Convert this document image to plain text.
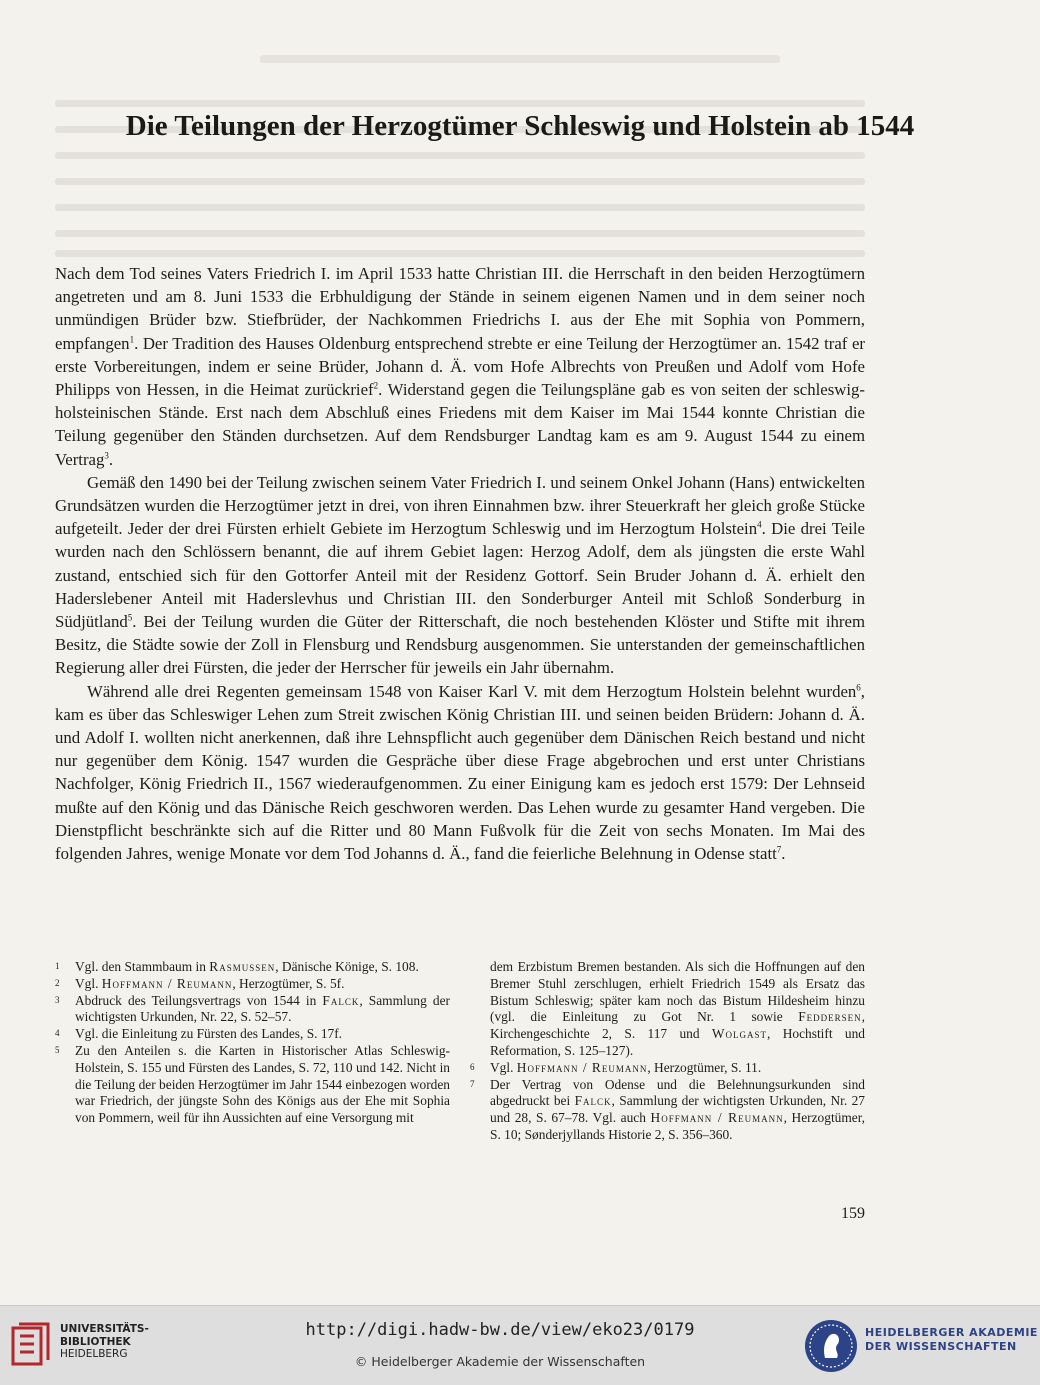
Die Teilungen der Herzogtümer Schleswig und Holstein ab 1544

Nach dem Tod seines Vaters Friedrich I. im April 1533 hatte Christian III. die Herrschaft in den beiden Herzogtümern angetreten und am 8. Juni 1533 die Erbhuldigung der Stände in seinem eigenen Namen und in dem seiner noch unmündigen Brüder bzw. Stiefbrüder, der Nachkommen Friedrichs I. aus der Ehe mit Sophia von Pommern, empfangen$^1$. Der Tradition des Hauses Oldenburg entsprechend strebte er eine Teilung der Herzogtümer an. 1542 traf er erste Vorbereitungen, indem er seine Brüder, Johann d. Ä. vom Hofe Albrechts von Preußen und Adolf vom Hofe Philipps von Hessen, in die Heimat zurückrief$^2$. Widerstand gegen die Teilungspläne gab es von seiten der schleswig-holsteinischen Stände. Erst nach dem Abschluß eines Friedens mit dem Kaiser im Mai 1544 konnte Christian die Teilung gegenüber den Ständen durchsetzen. Auf dem Rendsburger Landtag kam es am 9. August 1544 zu einem Vertrag$^3$.

Gemäß den 1490 bei der Teilung zwischen seinem Vater Friedrich I. und seinem Onkel Johann (Hans) entwickelten Grundsätzen wurden die Herzogtümer jetzt in drei, von ihren Einnahmen bzw. ihrer Steuerkraft her gleich große Stücke aufgeteilt. Jeder der drei Fürsten erhielt Gebiete im Herzogtum Schleswig und im Herzogtum Holstein$^4$. Die drei Teile wurden nach den Schlössern benannt, die auf ihrem Gebiet lagen: Herzog Adolf, dem als jüngsten die erste Wahl zustand, entschied sich für den Gottorfer Anteil mit der Residenz Gottorf. Sein Bruder Johann d. Ä. erhielt den Haderslebener Anteil mit Haderslevhus und Christian III. den Sonderburger Anteil mit Schloß Sonderburg in Südjütland$^5$. Bei der Teilung wurden die Güter der Ritterschaft, die noch bestehenden Klöster und Stifte mit ihrem Besitz, die Städte sowie der Zoll in Flensburg und Rendsburg ausgenommen. Sie unterstanden der gemeinschaftlichen Regierung aller drei Fürsten, die jeder der Herrscher für jeweils ein Jahr übernahm.

Während alle drei Regenten gemeinsam 1548 von Kaiser Karl V. mit dem Herzogtum Holstein belehnt wurden$^6$, kam es über das Schleswiger Lehen zum Streit zwischen König Christian III. und seinen beiden Brüdern: Johann d. Ä. und Adolf I. wollten nicht anerkennen, daß ihre Lehnspflicht auch gegenüber dem Dänischen Reich bestand und nicht nur gegenüber dem König. 1547 wurden die Gespräche über diese Frage abgebrochen und erst unter Christians Nachfolger, König Friedrich II., 1567 wiederaufgenommen. Zu einer Einigung kam es jedoch erst 1579: Der Lehnseid mußte auf den König und das Dänische Reich geschworen werden. Das Lehen wurde zu gesamter Hand vergeben. Die Dienstpflicht beschränkte sich auf die Ritter und 80 Mann Fußvolk für die Zeit von sechs Monaten. Im Mai des folgenden Jahres, wenige Monate vor dem Tod Johanns d. Ä., fand die feierliche Belehnung in Odense statt$^7$.

1	Vgl. den Stammbaum in Rasmussen, Dänische Könige, S. 108.
2	Vgl. Hoffmann / Reumann, Herzogtümer, S. 5f.
3	Abdruck des Teilungsvertrags von 1544 in Falck, Sammlung der wichtigsten Urkunden, Nr. 22, S. 52–57.
4	Vgl. die Einleitung zu Fürsten des Landes, S. 17f.
5	Zu den Anteilen s. die Karten in Historischer Atlas Schleswig-Holstein, S. 155 und Fürsten des Landes, S. 72, 110 und 142. Nicht in die Teilung der beiden Herzogtümer im Jahr 1544 einbezogen worden war Friedrich, der jüngste Sohn des Königs aus der Ehe mit Sophia von Pommern, weil für ihn Aussichten auf eine Versorgung mit
dem Erzbistum Bremen bestanden. Als sich die Hoffnungen auf den Bremer Stuhl zerschlugen, erhielt Friedrich 1549 als Ersatz das Bistum Schleswig; später kam noch das Bistum Hildesheim hinzu (vgl. die Einleitung zu Got Nr. 1 sowie Feddersen, Kirchengeschichte 2, S. 117 und Wolgast, Hochstift und Reformation, S. 125–127).
6	Vgl. Hoffmann / Reumann, Herzogtümer, S. 11.
7	Der Vertrag von Odense und die Belehnungsurkunden sind abgedruckt bei Falck, Sammlung der wichtigsten Urkunden, Nr. 27 und 28, S. 67–78. Vgl. auch Hoffmann / Reumann, Herzogtümer, S. 10; Sønderjyllands Historie 2, S. 356–360.
159
UNIVERSITÄTS-
BIBLIOTHEK
HEIDELBERG
http://digi.hadw-bw.de/view/eko23/0179
© Heidelberger Akademie der Wissenschaften
HEIDELBERGER AKADEMIE
DER WISSENSCHAFTEN
